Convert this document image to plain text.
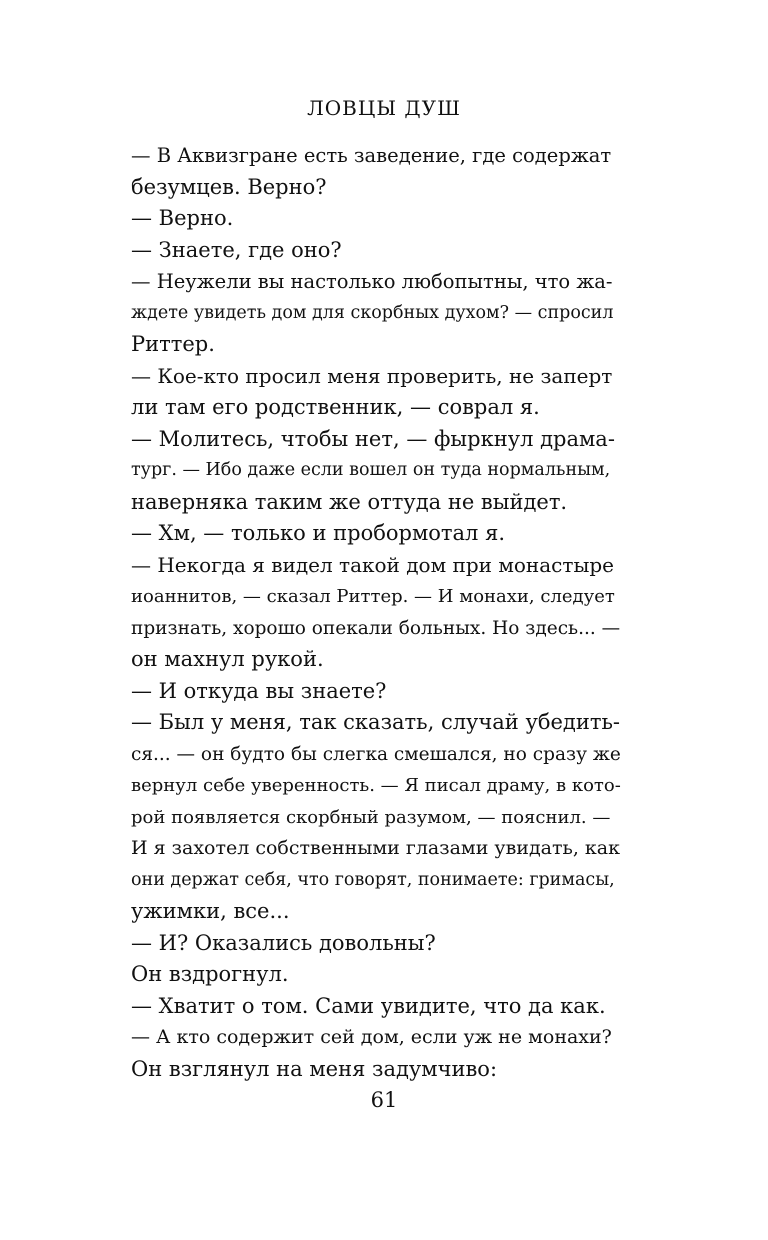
ЛОВЦЫ ДУШ
— В Аквизгране есть заведение, где содержат
безумцев. Верно?
— Верно.
— Знаете, где оно?
— Неужели вы настолько любопытны, что жа-
ждете увидеть дом для скорбных духом? — спросил
Риттер.
— Кое-кто просил меня проверить, не заперт
ли там его родственник, — соврал я.
— Молитесь, чтобы нет, — фыркнул драма-
тург. — Ибо даже если вошел он туда нормальным,
наверняка таким же оттуда не выйдет.
— Хм, — только и пробормотал я.
— Некогда я видел такой дом при монастыре
иоаннитов, — сказал Риттер. — И монахи, следует
признать, хорошо опекали больных. Но здесь... —
он махнул рукой.
— И откуда вы знаете?
— Был у меня, так сказать, случай убедить-
ся... — он будто бы слегка смешался, но сразу же
вернул себе уверенность. — Я писал драму, в кото-
рой появляется скорбный разумом, — пояснил. —
И я захотел собственными глазами увидать, как
они держат себя, что говорят, понимаете: гримасы,
ужимки, все...
— И? Оказались довольны?
Он вздрогнул.
— Хватит о том. Сами увидите, что да как.
— А кто содержит сей дом, если уж не монахи?
Он взглянул на меня задумчиво:
61
